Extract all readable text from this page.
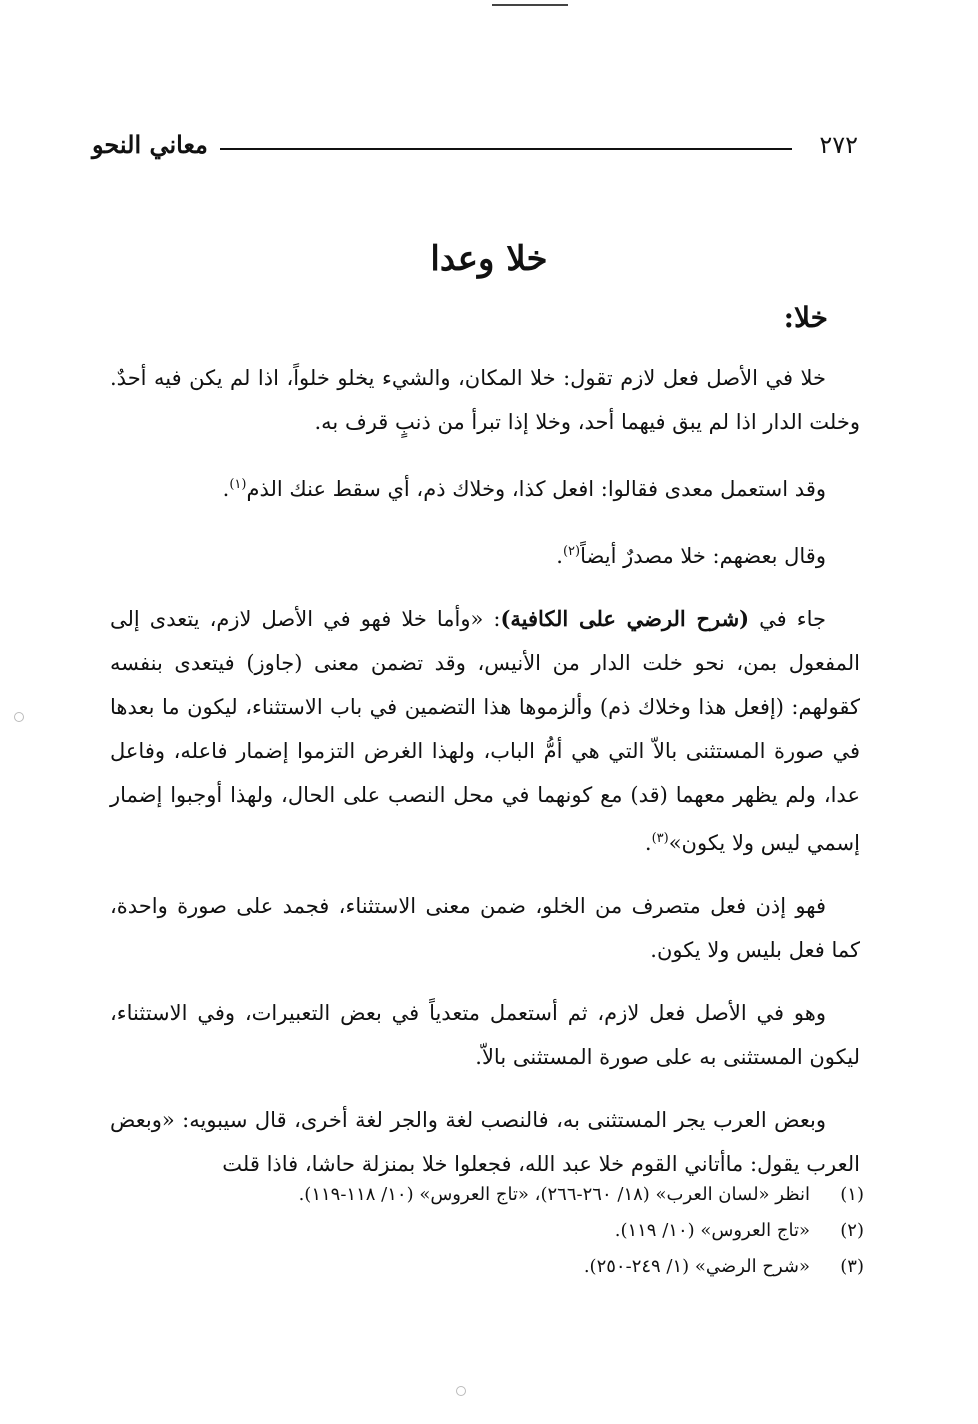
٢٧٢
معاني النحو
خلا وعدا
خلا:

خلا في الأصل فعل لازم تقول: خلا المكان، والشيء يخلو خلواً، اذا لم يكن فيه أحدٌ. وخلت الدار اذا لم يبق فيهما أحد، وخلا إذا تبرأ من ذنبٍ قرف به.

وقد استعمل معدى فقالوا: افعل كذا، وخلاك ذم، أي سقط عنك الذم$^{(١)}$.

وقال بعضهم: خلا مصدرٌ أيضاً$^{(٢)}$.

جاء في (شرح الرضي على الكافية): «وأما خلا فهو في الأصل لازم، يتعدى إلى المفعول بمن، نحو خلت الدار من الأنيس، وقد تضمن معنى (جاوز) فيتعدى بنفسه كقولهم: (إفعل هذا وخلاك ذم) وألزموها هذا التضمين في باب الاستثناء، ليكون ما بعدها في صورة المستثنى بالاّ التي هي أمُّ الباب، ولهذا الغرض التزموا إضمار فاعله، وفاعل عدا، ولم يظهر معهما (قد) مع كونهما في محل النصب على الحال، ولهذا أوجبوا إضمار إسمي ليس ولا يكون»$^{(٣)}$.

فهو إذن فعل متصرف من الخلو، ضمن معنى الاستثناء، فجمد على صورة واحدة، كما فعل بليس ولا يكون.

وهو في الأصل فعل لازم، ثم أستعمل متعدياً في بعض التعبيرات، وفي الاستثناء، ليكون المستثنى به على صورة المستثنى بالاّ.

وبعض العرب يجر المستثنى به، فالنصب لغة والجر لغة أخرى، قال سيبويه: «وبعض العرب يقول: ماأتاني القوم خلا عبد الله، فجعلوا خلا بمنزلة حاشا، فاذا قلت

(١)
انظر «لسان العرب» (١٨/ ٢٦٠-٢٦٦)، «تاج العروس» (١٠/ ١١٨-١١٩).
(٢)
«تاج العروس» (١٠/ ١١٩).
(٣)
«شرح الرضي» (١/ ٢٤٩-٢٥٠).
